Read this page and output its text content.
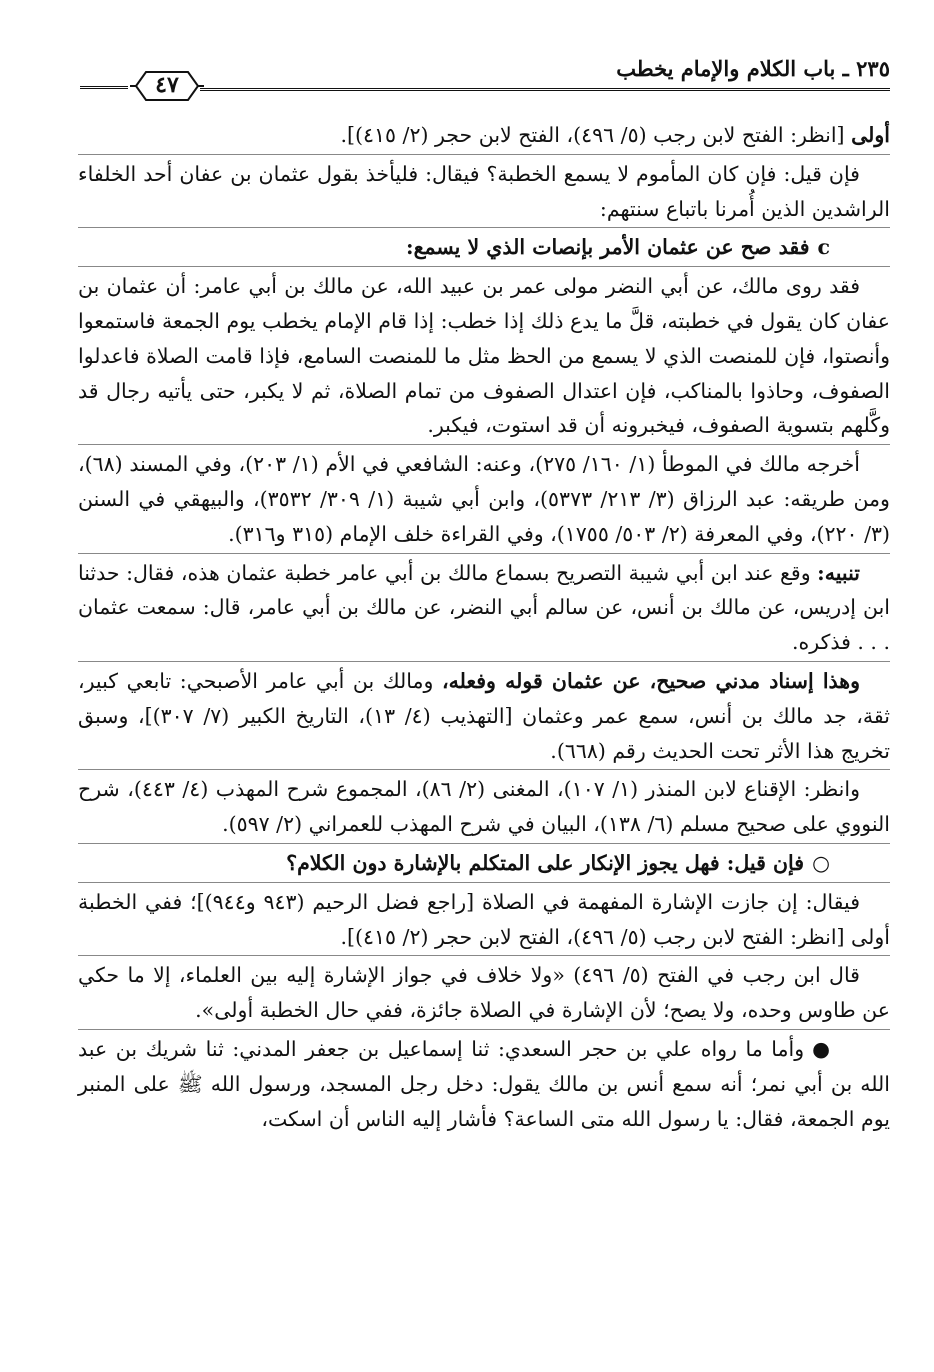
٢٣٥ ـ باب الكلام والإمام يخطب
٤٧

أولى [انظر: الفتح لابن رجب (٥/ ٤٩٦)، الفتح لابن حجر (٢/ ٤١٥)].

فإن قيل: فإن كان المأموم لا يسمع الخطبة؟ فيقال: فليأخذ بقول عثمان بن عفان أحد الخلفاء الراشدين الذين أُمرنا باتباع سنتهم:

cفقد صح عن عثمان الأمر بإنصات الذي لا يسمع:

فقد روى مالك، عن أبي النضر مولى عمر بن عبيد الله، عن مالك بن أبي عامر: أن عثمان بن عفان كان يقول في خطبته، قلَّ ما يدع ذلك إذا خطب: إذا قام الإمام يخطب يوم الجمعة فاستمعوا وأنصتوا، فإن للمنصت الذي لا يسمع من الحظ مثل ما للمنصت السامع، فإذا قامت الصلاة فاعدلوا الصفوف، وحاذوا بالمناكب، فإن اعتدال الصفوف من تمام الصلاة، ثم لا يكبر، حتى يأتيه رجال قد وكَّلهم بتسوية الصفوف، فيخبرونه أن قد استوت، فيكبر.

أخرجه مالك في الموطأ (١/ ١٦٠/ ٢٧٥)، وعنه: الشافعي في الأم (١/ ٢٠٣)، وفي المسند (٦٨)، ومن طريقه: عبد الرزاق (٣/ ٢١٣/ ٥٣٧٣)، وابن أبي شيبة (١/ ٣٠٩/ ٣٥٣٢)، والبيهقي في السنن (٣/ ٢٢٠)، وفي المعرفة (٢/ ٥٠٣/ ١٧٥٥)، وفي القراءة خلف الإمام (٣١٥ و٣١٦).

تنبيه: وقع عند ابن أبي شيبة التصريح بسماع مالك بن أبي عامر خطبة عثمان هذه، فقال: حدثنا ابن إدريس، عن مالك بن أنس، عن سالم أبي النضر، عن مالك بن أبي عامر، قال: سمعت عثمان . . . فذكره.

وهذا إسناد مدني صحيح، عن عثمان قوله وفعله، ومالك بن أبي عامر الأصبحي: تابعي كبير، ثقة، جد مالك بن أنس، سمع عمر وعثمان [التهذيب (٤/ ١٣)، التاريخ الكبير (٧/ ٣٠٧)]، وسبق تخريج هذا الأثر تحت الحديث رقم (٦٦٨).

وانظر: الإقناع لابن المنذر (١/ ١٠٧)، المغنى (٢/ ٨٦)، المجموع شرح المهذب (٤/ ٤٤٣)، شرح النووي على صحيح مسلم (٦/ ١٣٨)، البيان في شرح المهذب للعمراني (٢/ ٥٩٧).

○فإن قيل: فهل يجوز الإنكار على المتكلم بالإشارة دون الكلام؟

فيقال: إن جازت الإشارة المفهمة في الصلاة [راجع فضل الرحيم (٩٤٣ و٩٤٤)]؛ ففي الخطبة أولى [انظر: الفتح لابن رجب (٥/ ٤٩٦)، الفتح لابن حجر (٢/ ٤١٥)].

قال ابن رجب في الفتح (٥/ ٤٩٦) «ولا خلاف في جواز الإشارة إليه بين العلماء، إلا ما حكي عن طاوس وحده، ولا يصح؛ لأن الإشارة في الصلاة جائزة، ففي حال الخطبة أولى».

●وأما ما رواه علي بن حجر السعدي: ثنا إسماعيل بن جعفر المدني: ثنا شريك بن عبد الله بن أبي نمر؛ أنه سمع أنس بن مالك يقول: دخل رجل المسجد، ورسول الله ﷺ على المنبر يوم الجمعة، فقال: يا رسول الله متى الساعة؟ فأشار إليه الناس أن اسكت،
